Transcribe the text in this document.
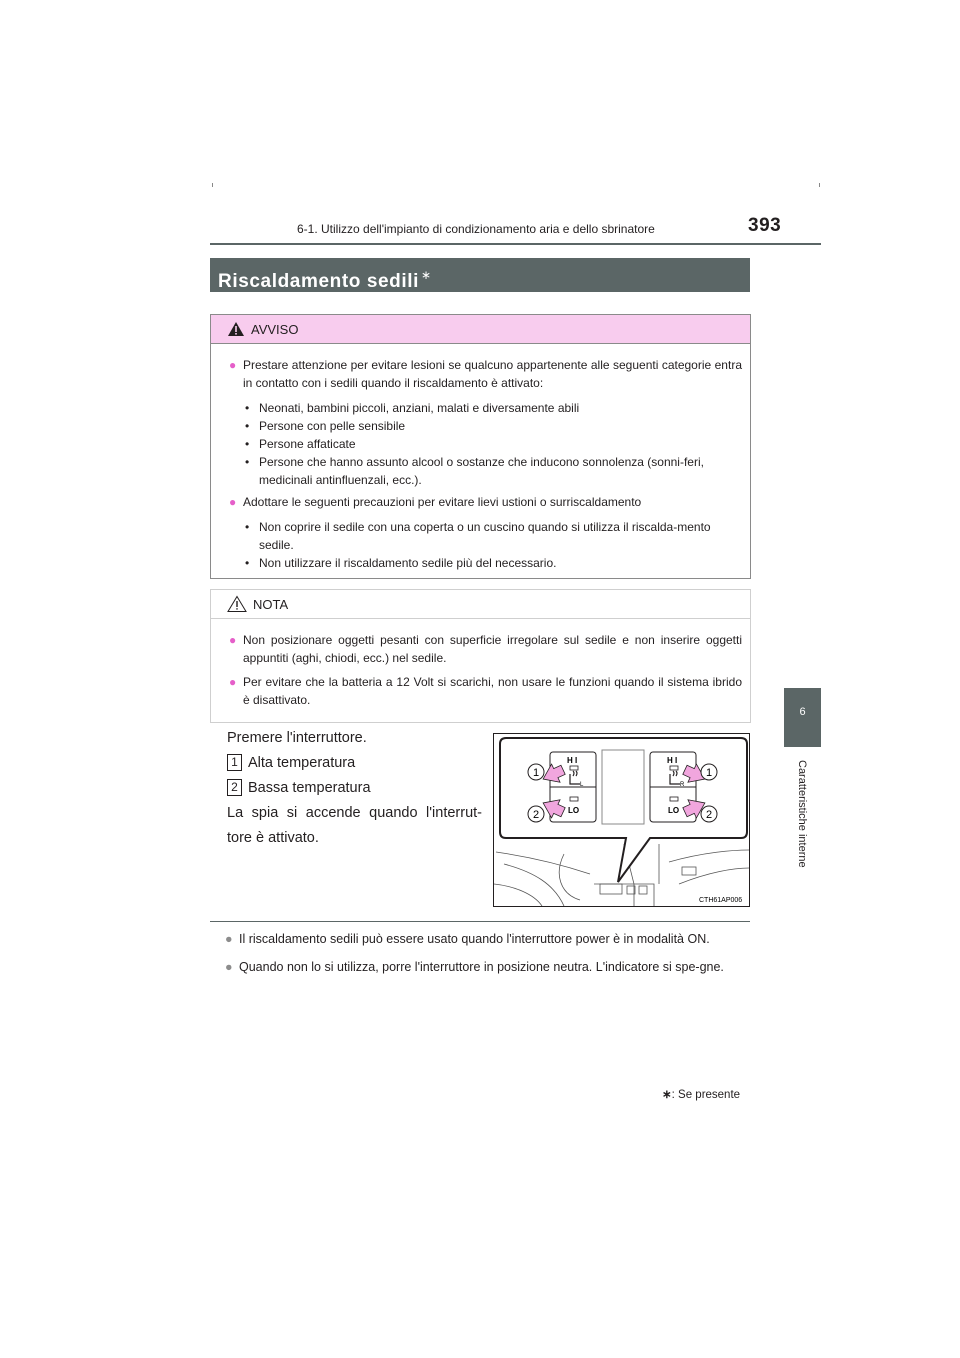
6-1. Utilizzo dell'impianto di condizionamento aria e dello sbrinatore	393
6
Caratteristiche interne
Riscaldamento sedili ∗
AVVISO
● Prestare attenzione per evitare lesioni se qualcuno appartenente alle seguenti categorie entra in contatto con i sedili quando il riscaldamento è attivato:
• Neonati, bambini piccoli, anziani, malati e diversamente abili
• Persone con pelle sensibile
• Persone affaticate
• Persone che hanno assunto alcool o sostanze che inducono sonnolenza (sonni-feri, medicinali antinfluenzali, ecc.).
● Adottare le seguenti precauzioni per evitare lievi ustioni o surriscaldamento
• Non coprire il sedile con una coperta o un cuscino quando si utilizza il riscalda-mento sedile.
• Non utilizzare il riscaldamento sedile più del necessario.
NOTA
● Non posizionare oggetti pesanti con superficie irregolare sul sedile e non inserire oggetti appuntiti (aghi, chiodi, ecc.) nel sedile.
● Per evitare che la batteria a 12 Volt si scarichi, non usare le funzioni quando il sistema ibrido è disattivato.
Premere l'interruttore.
1 Alta temperatura
2 Bassa temperatura
La spia si accende quando l'interrut-tore è attivato.
L	R
H I
LO
H I
LO
1
2
1
2
CTH61AP006
● Il riscaldamento sedili può essere usato quando l'interruttore power è in modalità ON.
● Quando non lo si utilizza, porre l'interruttore in posizione neutra. L'indicatore si spe-gne.
∗: Se presente
